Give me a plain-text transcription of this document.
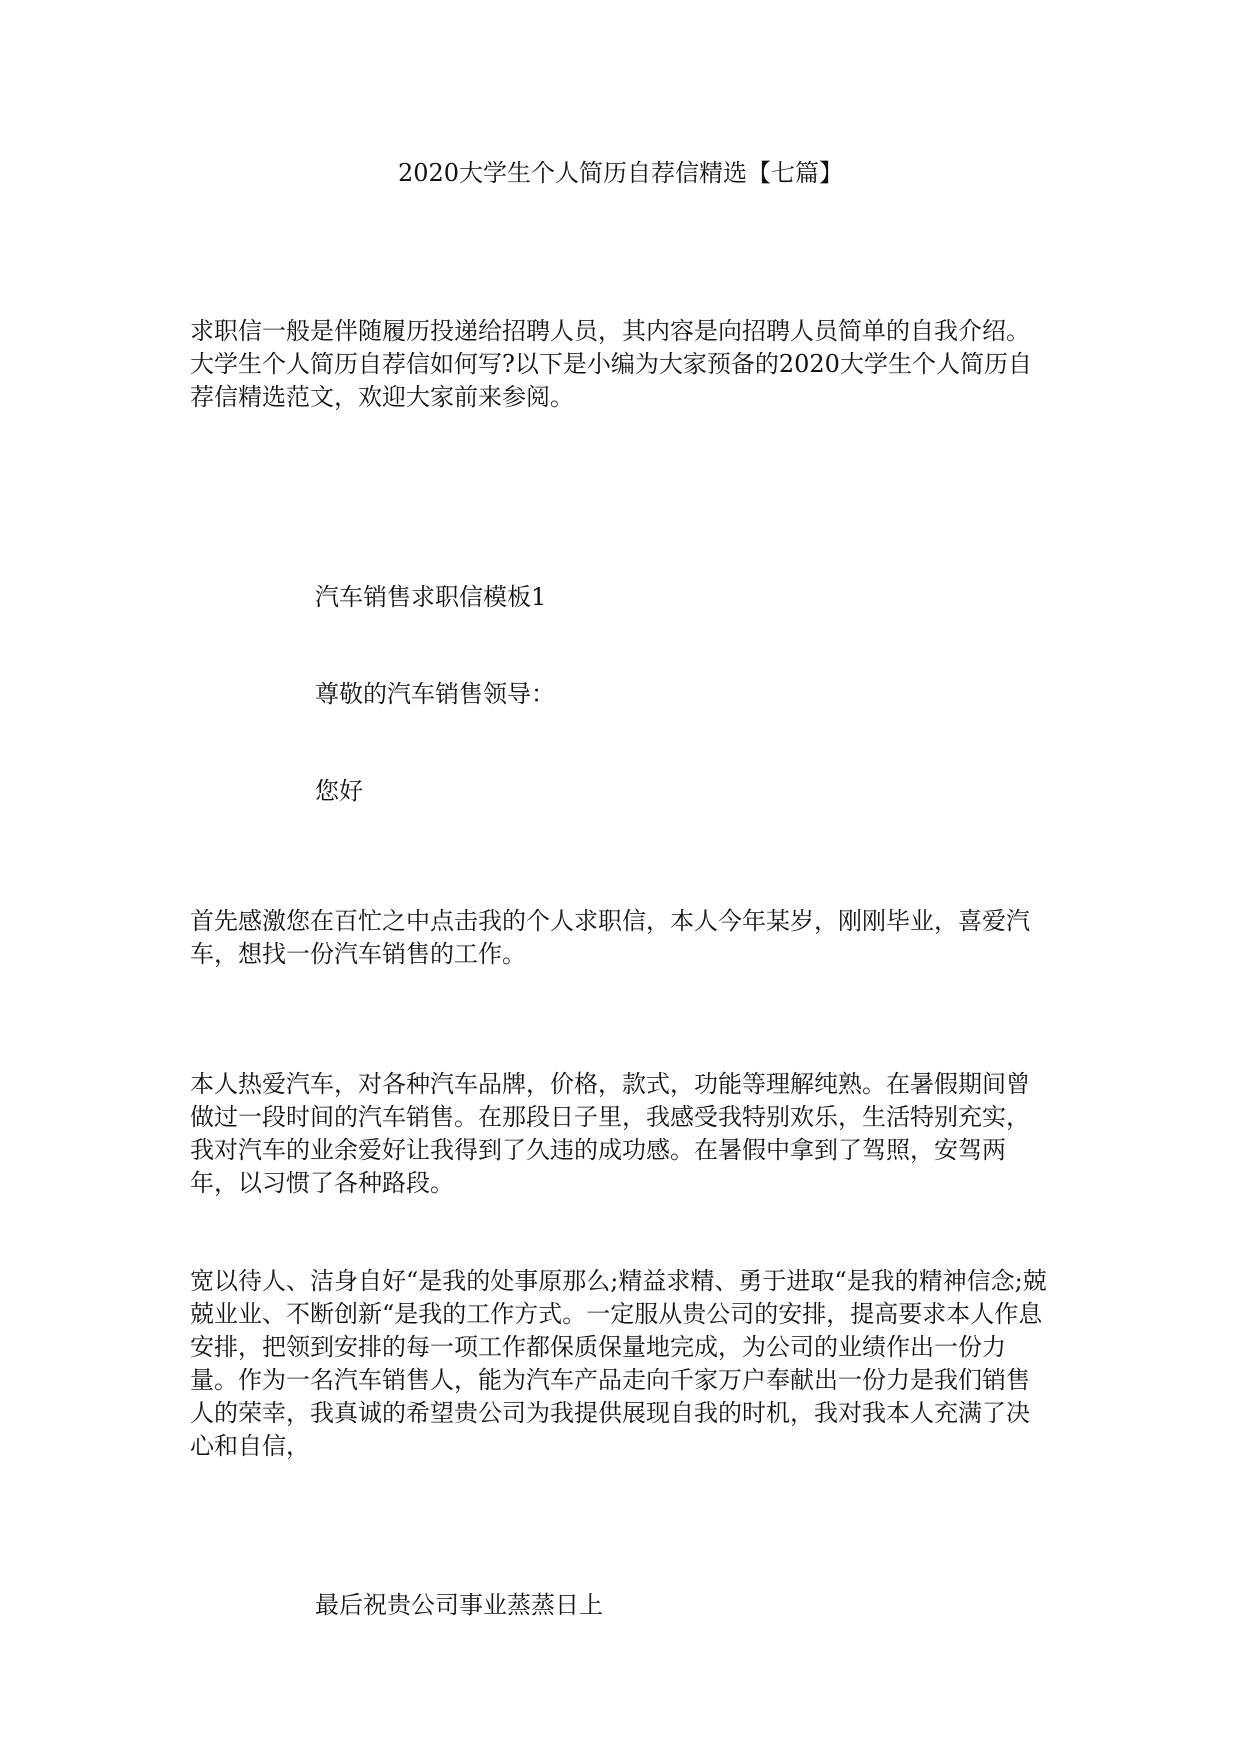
2020大学生个人简历自荐信精选【七篇】
求职信一般是伴随履历投递给招聘人员，其内容是向招聘人员简单的自我介绍。大学生个人简历自荐信如何写?以下是小编为大家预备的2020大学生个人简历自荐信精选范文，欢迎大家前来参阅。
汽车销售求职信模板1
尊敬的汽车销售领导：
您好
首先感激您在百忙之中点击我的个人求职信，本人今年某岁，刚刚毕业，喜爱汽车，想找一份汽车销售的工作。
本人热爱汽车，对各种汽车品牌，价格，款式，功能等理解纯熟。在暑假期间曾做过一段时间的汽车销售。在那段日子里，我感受我特别欢乐，生活特别充实，我对汽车的业余爱好让我得到了久违的成功感。在暑假中拿到了驾照，安驾两年，以习惯了各种路段。
宽以待人、洁身自好“是我的处事原那么;精益求精、勇于进取“是我的精神信念;兢兢业业、不断创新“是我的工作方式。一定服从贵公司的安排，提高要求本人作息安排，把领到安排的每一项工作都保质保量地完成，为公司的业绩作出一份力量。作为一名汽车销售人，能为汽车产品走向千家万户奉献出一份力是我们销售人的荣幸，我真诚的希望贵公司为我提供展现自我的时机，我对我本人充满了决心和自信，
最后祝贵公司事业蒸蒸日上
